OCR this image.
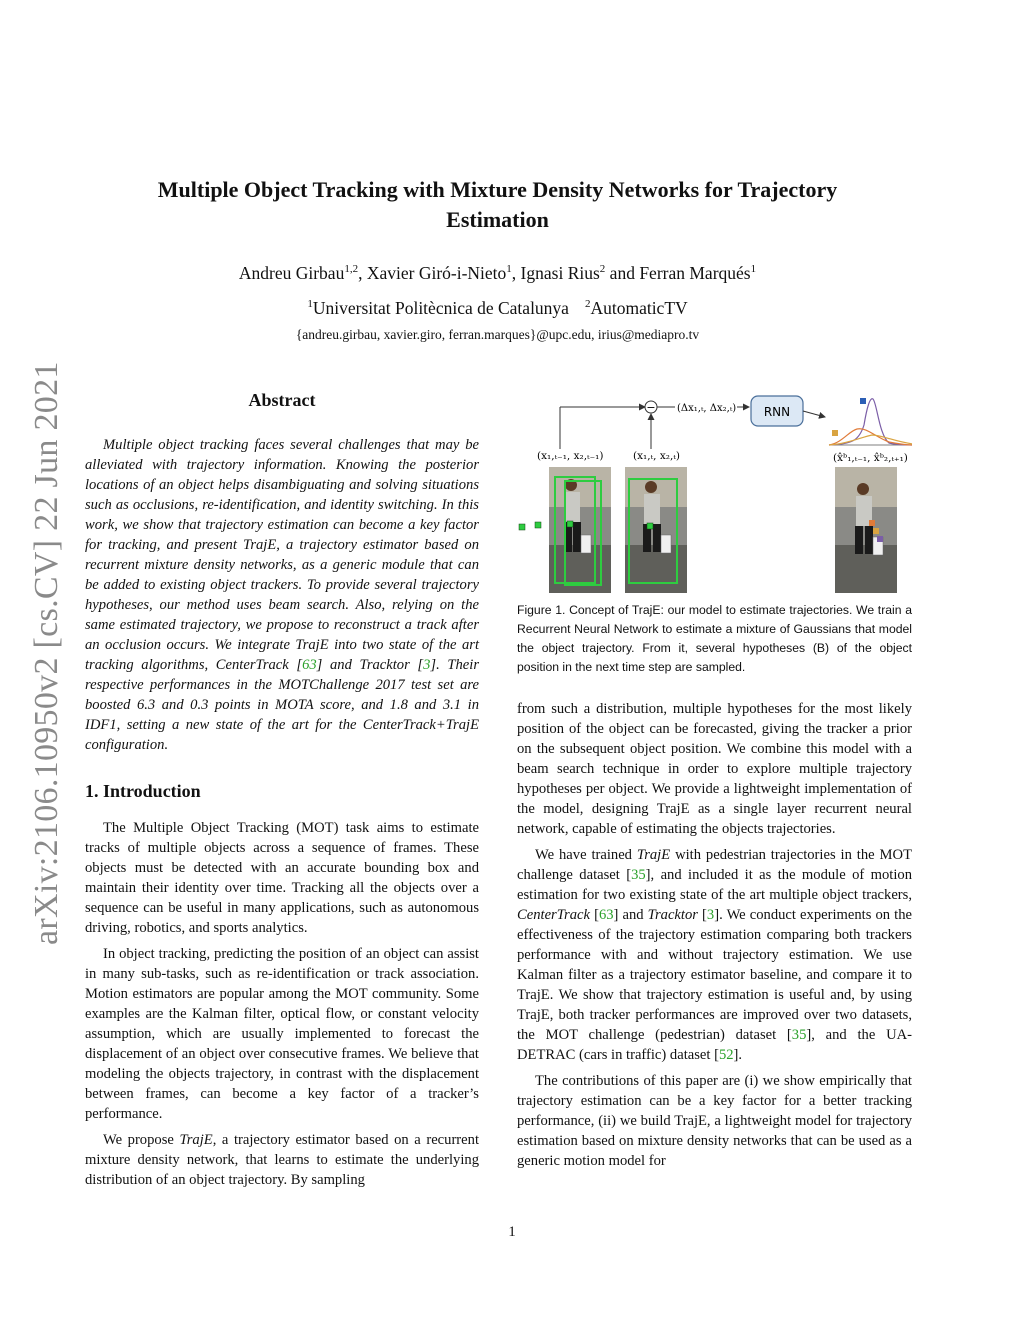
arXiv:2106.10950v2 [cs.CV] 22 Jun 2021
Multiple Object Tracking with Mixture Density Networks for Trajectory Estimation
Andreu Girbau$^{1,2}$, Xavier Giró-i-Nieto$^1$, Ignasi Rius$^2$ and Ferran Marqués$^1$
$^1$Universitat Politècnica de Catalunya $^2$AutomaticTV
{andreu.girbau, xavier.giro, ferran.marques}@upc.edu, irius@mediapro.tv
Abstract

Multiple object tracking faces several challenges that may be alleviated with trajectory information. Knowing the posterior locations of an object helps disambiguating and solving situations such as occlusions, re-identification, and identity switching. In this work, we show that trajectory estimation can become a key factor for tracking, and present TrajE, a trajectory estimator based on recurrent mixture density networks, as a generic module that can be added to existing object trackers. To provide several trajectory hypotheses, our method uses beam search. Also, relying on the same estimated trajectory, we propose to reconstruct a track after an occlusion occurs. We integrate TrajE into two state of the art tracking algorithms, CenterTrack [63] and Tracktor [3]. Their respective performances in the MOTChallenge 2017 test set are boosted 6.3 and 0.3 points in MOTA score, and 1.8 and 3.1 in IDF1, setting a new state of the art for the CenterTrack+TrajE configuration.

1. Introduction

The Multiple Object Tracking (MOT) task aims to estimate tracks of multiple objects across a sequence of frames. These objects must be detected with an accurate bounding box and maintain their identity over time. Tracking all the objects over a sequence can be useful in many applications, such as autonomous driving, robotics, and sports analytics.

In object tracking, predicting the position of an object can assist in many sub-tasks, such as re-identification or track association. Motion estimators are popular among the MOT community. Some examples are the Kalman filter, optical flow, or constant velocity assumption, which are usually implemented to forecast the displacement of an object over consecutive frames. We believe that modeling the objects trajectory, in contrast with the displacement between frames, can become a key factor of a tracker’s performance.

We propose TrajE, a trajectory estimator based on a recurrent mixture density network, that learns to estimate the underlying distribution of an object trajectory. By sampling

− (Δx₁,ₜ, Δx₂,ₜ) RNN
(x₁,ₜ₋₁, x₂,ₜ₋₁)	(x₁,ₜ, x₂,ₜ)	(x̂ᵇ₁,ₜ₋₁, x̂ᵇ₂,ₜ₊₁)

Figure 1. Concept of TrajE: our model to estimate trajectories. We train a Recurrent Neural Network to estimate a mixture of Gaussians that model the object trajectory. From it, several hypotheses (B) of the object position in the next time step are sampled.

from such a distribution, multiple hypotheses for the most likely position of the object can be forecasted, giving the tracker a prior on the subsequent object position. We combine this model with a beam search technique in order to explore multiple trajectory hypotheses per object. We provide a lightweight implementation of the model, designing TrajE as a single layer recurrent neural network, capable of estimating the objects trajectories.

We have trained TrajE with pedestrian trajectories in the MOT challenge dataset [35], and included it as the module of motion estimation for two existing state of the art multiple object trackers, CenterTrack [63] and Tracktor [3]. We conduct experiments on the effectiveness of the trajectory estimation comparing both trackers performance with and without trajectory estimation. We use Kalman filter as a trajectory estimator baseline, and compare it to TrajE. We show that trajectory estimation is useful and, by using TrajE, both tracker performances are improved over two datasets, the MOT challenge (pedestrian) dataset [35], and the UA-DETRAC (cars in traffic) dataset [52].

The contributions of this paper are (i) we show empirically that trajectory estimation can be a key factor for a better tracking performance, (ii) we build TrajE, a lightweight model for trajectory estimation based on mixture density networks that can be used as a generic motion model for

1
